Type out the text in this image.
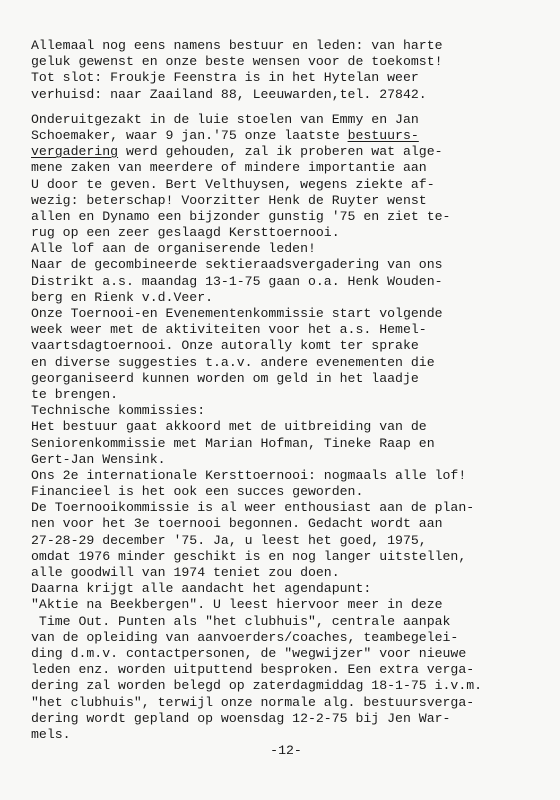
Allemaal nog eens namens bestuur en leden: van harte
geluk gewenst en onze beste wensen voor de toekomst!
Tot slot: Froukje Feenstra is in het Hytelan weer
verhuisd: naar Zaailand 88, Leeuwarden,tel. 27842.
Onderuitgezakt in de luie stoelen van Emmy en Jan
Schoemaker, waar 9 jan.'75 onze laatste bestuurs-
vergadering werd gehouden, zal ik proberen wat alge-
mene zaken van meerdere of mindere importantie aan
U door te geven. Bert Velthuysen, wegens ziekte af-
wezig: beterschap! Voorzitter Henk de Ruyter wenst
allen en Dynamo een bijzonder gunstig '75 en ziet te-
rug op een zeer geslaagd Kersttoernooi.
Alle lof aan de organiserende leden!
Naar de gecombineerde sektieraadsvergadering van ons
Distrikt a.s. maandag 13-1-75 gaan o.a. Henk Wouden-
berg en Rienk v.d.Veer.
Onze Toernooi-en Evenementenkommissie start volgende
week weer met de aktiviteiten voor het a.s. Hemel-
vaartsdagtoernooi. Onze autorally komt ter sprake
en diverse suggesties t.a.v. andere evenementen die
georganiseerd kunnen worden om geld in het laadje
te brengen.
Technische kommissies:
Het bestuur gaat akkoord met de uitbreiding van de
Seniorenkommissie met Marian Hofman, Tineke Raap en
Gert-Jan Wensink.
Ons 2e internationale Kersttoernooi: nogmaals alle lof!
Financieel is het ook een succes geworden.
De Toernooikommissie is al weer enthousiast aan de plan-
nen voor het 3e toernooi begonnen. Gedacht wordt aan
27-28-29 december '75. Ja, u leest het goed, 1975,
omdat 1976 minder geschikt is en nog langer uitstellen,
alle goodwill van 1974 teniet zou doen.
Daarna krijgt alle aandacht het agendapunt:
"Aktie na Beekbergen". U leest hiervoor meer in deze
Time Out. Punten als "het clubhuis", centrale aanpak
van de opleiding van aanvoerders/coaches, teambegelei-
ding d.m.v. contactpersonen, de "wegwijzer" voor nieuwe
leden enz. worden uitputtend besproken. Een extra verga-
dering zal worden belegd op zaterdagmiddag 18-1-75 i.v.m.
"het clubhuis", terwijl onze normale alg. bestuursverga-
dering wordt gepland op woensdag 12-2-75 bij Jen War-
mels.
-12-
